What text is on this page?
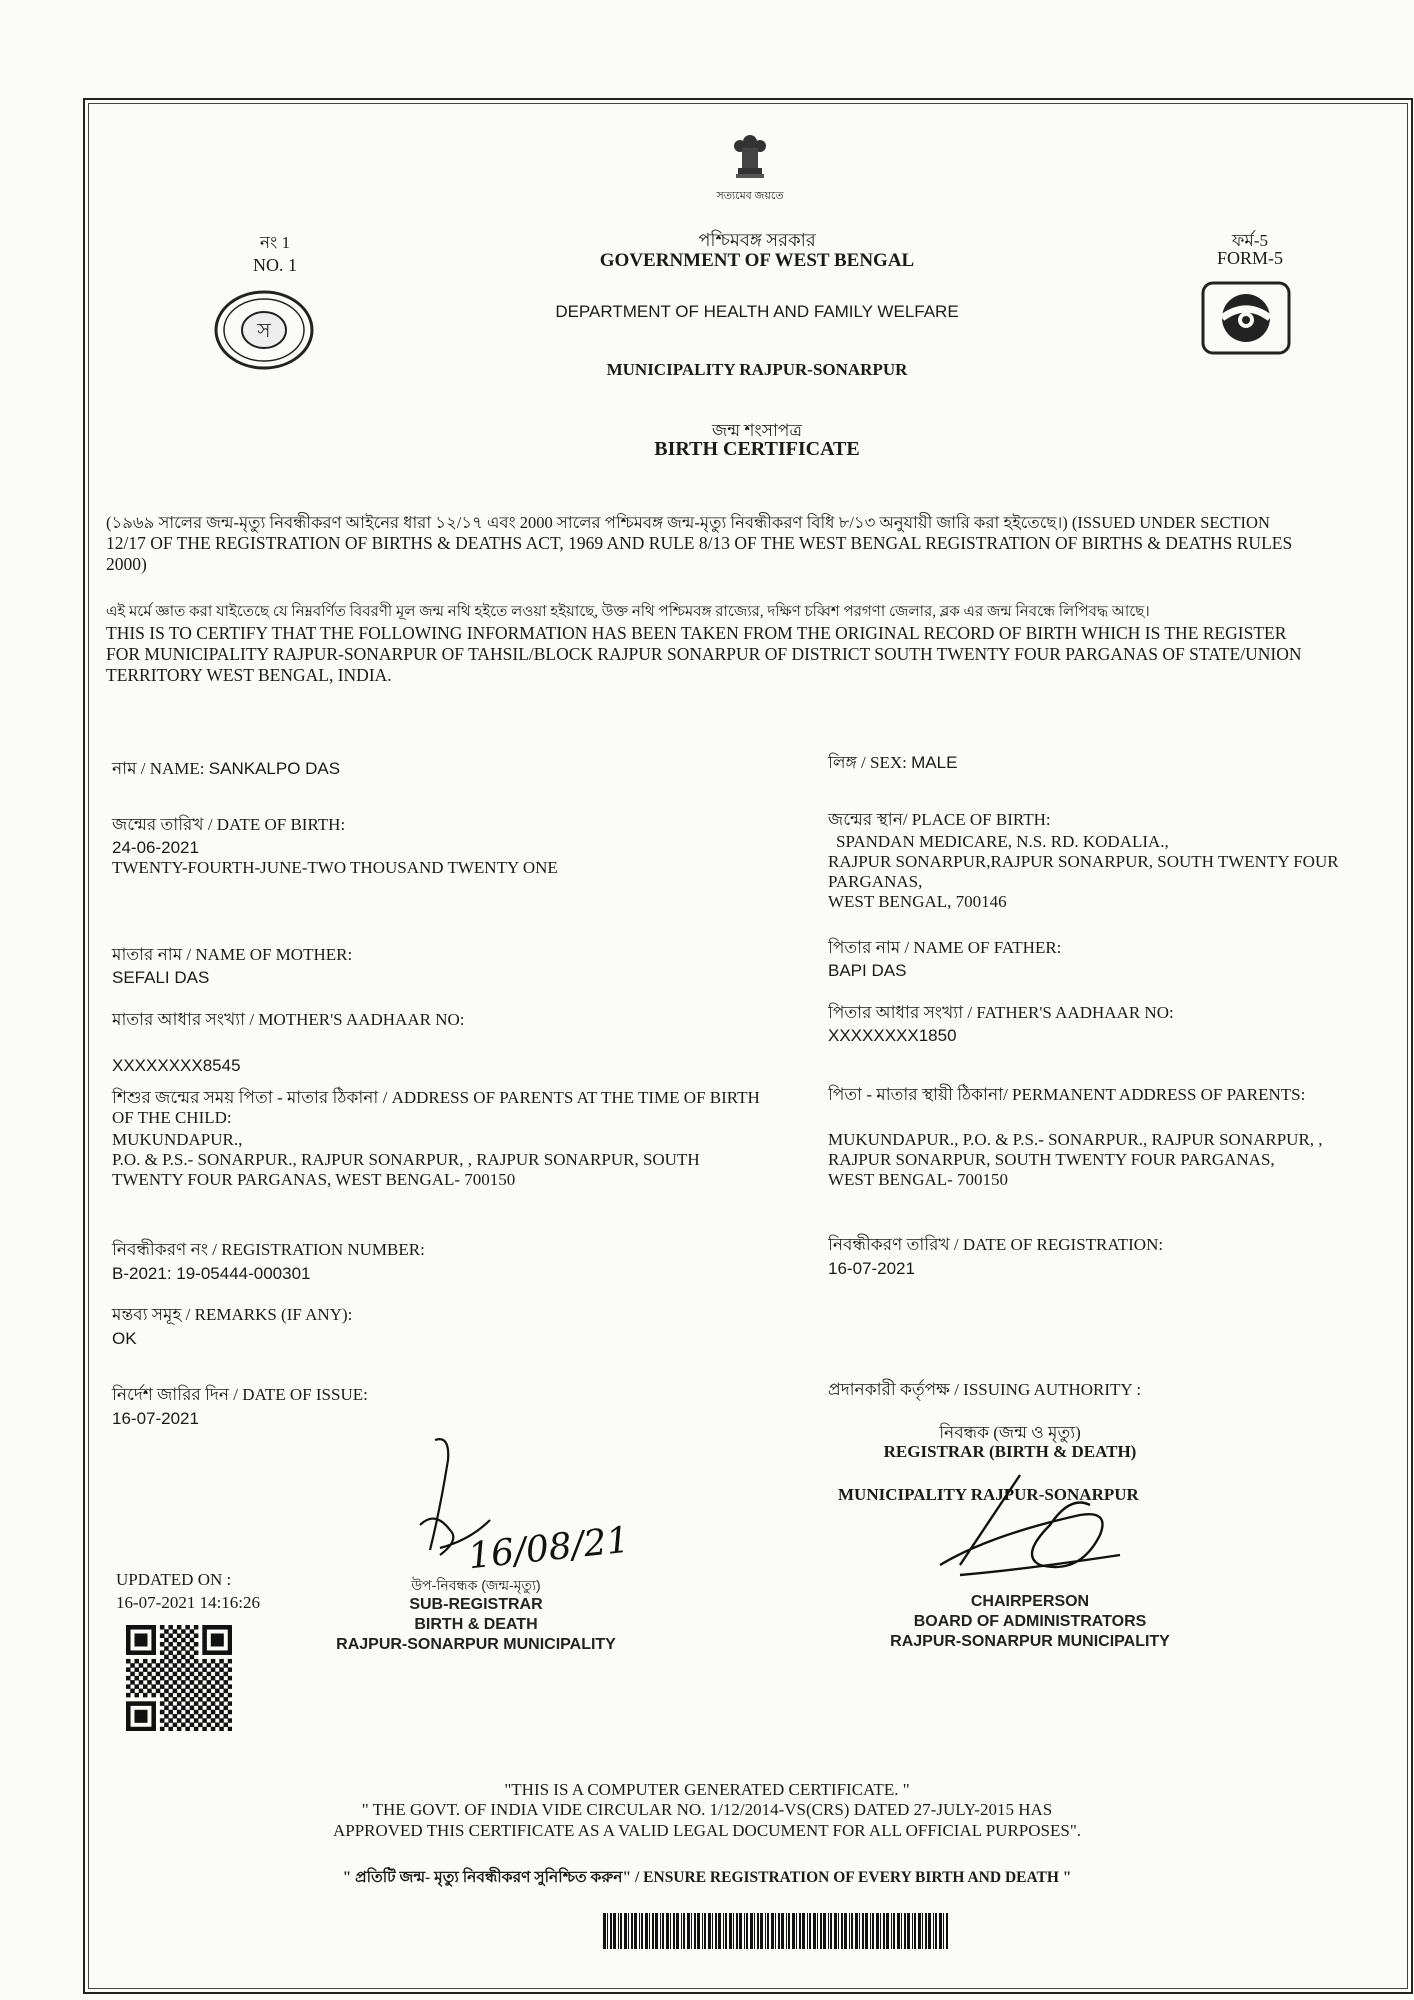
সত্যমেব জয়তে
নং 1
NO. 1
স
ফর্ম-5
FORM-5
পশ্চিমবঙ্গ সরকার
GOVERNMENT OF WEST BENGAL
DEPARTMENT OF HEALTH AND FAMILY WELFARE
MUNICIPALITY RAJPUR-SONARPUR
জন্ম শংসাপত্র
BIRTH CERTIFICATE
(১৯৬৯ সালের জন্ম-মৃত্যু নিবন্ধীকরণ আইনের ধারা ১২/১৭ এবং 2000 সালের পশ্চিমবঙ্গ জন্ম-মৃত্যু নিবন্ধীকরণ বিধি ৮/১৩ অনুযায়ী জারি করা হইতেছে।) (ISSUED UNDER SECTION
12/17 OF THE REGISTRATION OF BIRTHS & DEATHS ACT, 1969 AND RULE 8/13 OF THE WEST BENGAL REGISTRATION OF BIRTHS & DEATHS RULES
2000)
এই মর্মে জ্ঞাত করা যাইতেছে যে নিম্নবর্ণিত বিবরণী মূল জন্ম নথি হইতে লওয়া হইয়াছে, উক্ত নথি পশ্চিমবঙ্গ রাজ্যের, দক্ষিণ চব্বিশ পরগণা জেলার, ব্লক এর জন্ম নিবন্ধে লিপিবদ্ধ আছে।
THIS IS TO CERTIFY THAT THE FOLLOWING INFORMATION HAS BEEN TAKEN FROM THE ORIGINAL RECORD OF BIRTH WHICH IS THE REGISTER
FOR MUNICIPALITY RAJPUR-SONARPUR OF TAHSIL/BLOCK RAJPUR SONARPUR OF DISTRICT SOUTH TWENTY FOUR PARGANAS OF STATE/UNION
TERRITORY WEST BENGAL, INDIA.
নাম / NAME: SANKALPO DAS
জন্মের তারিখ / DATE OF BIRTH:
24-06-2021
TWENTY-FOURTH-JUNE-TWO THOUSAND TWENTY ONE
মাতার নাম / NAME OF MOTHER:
SEFALI DAS
মাতার আধার সংখ্যা / MOTHER'S AADHAAR NO:
XXXXXXXX8545
শিশুর জন্মের সময় পিতা - মাতার ঠিকানা / ADDRESS OF PARENTS AT THE TIME OF BIRTH
OF THE CHILD:
MUKUNDAPUR.,
P.O. & P.S.- SONARPUR., RAJPUR SONARPUR, , RAJPUR SONARPUR, SOUTH
TWENTY FOUR PARGANAS, WEST BENGAL- 700150
নিবন্ধীকরণ নং / REGISTRATION NUMBER:
B-2021: 19-05444-000301
মন্তব্য সমূহ / REMARKS (IF ANY):
OK
নির্দেশ জারির দিন / DATE OF ISSUE:
16-07-2021
লিঙ্গ / SEX: MALE
জন্মের স্থান/ PLACE OF BIRTH:
SPANDAN MEDICARE, N.S. RD. KODALIA.,
RAJPUR SONARPUR,RAJPUR SONARPUR, SOUTH TWENTY FOUR
PARGANAS,
WEST BENGAL, 700146
পিতার নাম / NAME OF FATHER:
BAPI DAS
পিতার আধার সংখ্যা / FATHER'S AADHAAR NO:
XXXXXXXX1850
পিতা - মাতার স্থায়ী ঠিকানা/ PERMANENT ADDRESS OF PARENTS:
MUKUNDAPUR., P.O. & P.S.- SONARPUR., RAJPUR SONARPUR, ,
RAJPUR SONARPUR, SOUTH TWENTY FOUR PARGANAS,
WEST BENGAL- 700150
নিবন্ধীকরণ তারিখ / DATE OF REGISTRATION:
16-07-2021
প্রদানকারী কর্তৃপক্ষ / ISSUING AUTHORITY :
নিবন্ধক (জন্ম ও মৃত্যু)
REGISTRAR (BIRTH & DEATH)
MUNICIPALITY RAJPUR-SONARPUR
16/08/21
উপ-নিবন্ধক (জন্ম-মৃত্যু)
SUB-REGISTRAR
BIRTH & DEATH
RAJPUR-SONARPUR MUNICIPALITY
CHAIRPERSON
BOARD OF ADMINISTRATORS
RAJPUR-SONARPUR MUNICIPALITY
UPDATED ON :
16-07-2021 14:16:26
"THIS IS A COMPUTER GENERATED CERTIFICATE. "
" THE GOVT. OF INDIA VIDE CIRCULAR NO. 1/12/2014-VS(CRS) DATED 27-JULY-2015 HAS
APPROVED THIS CERTIFICATE AS A VALID LEGAL DOCUMENT FOR ALL OFFICIAL PURPOSES".
" প্রতিটি জন্ম- মৃত্যু নিবন্ধীকরণ সুনিশ্চিত করুন" / ENSURE REGISTRATION OF EVERY BIRTH AND DEATH "
